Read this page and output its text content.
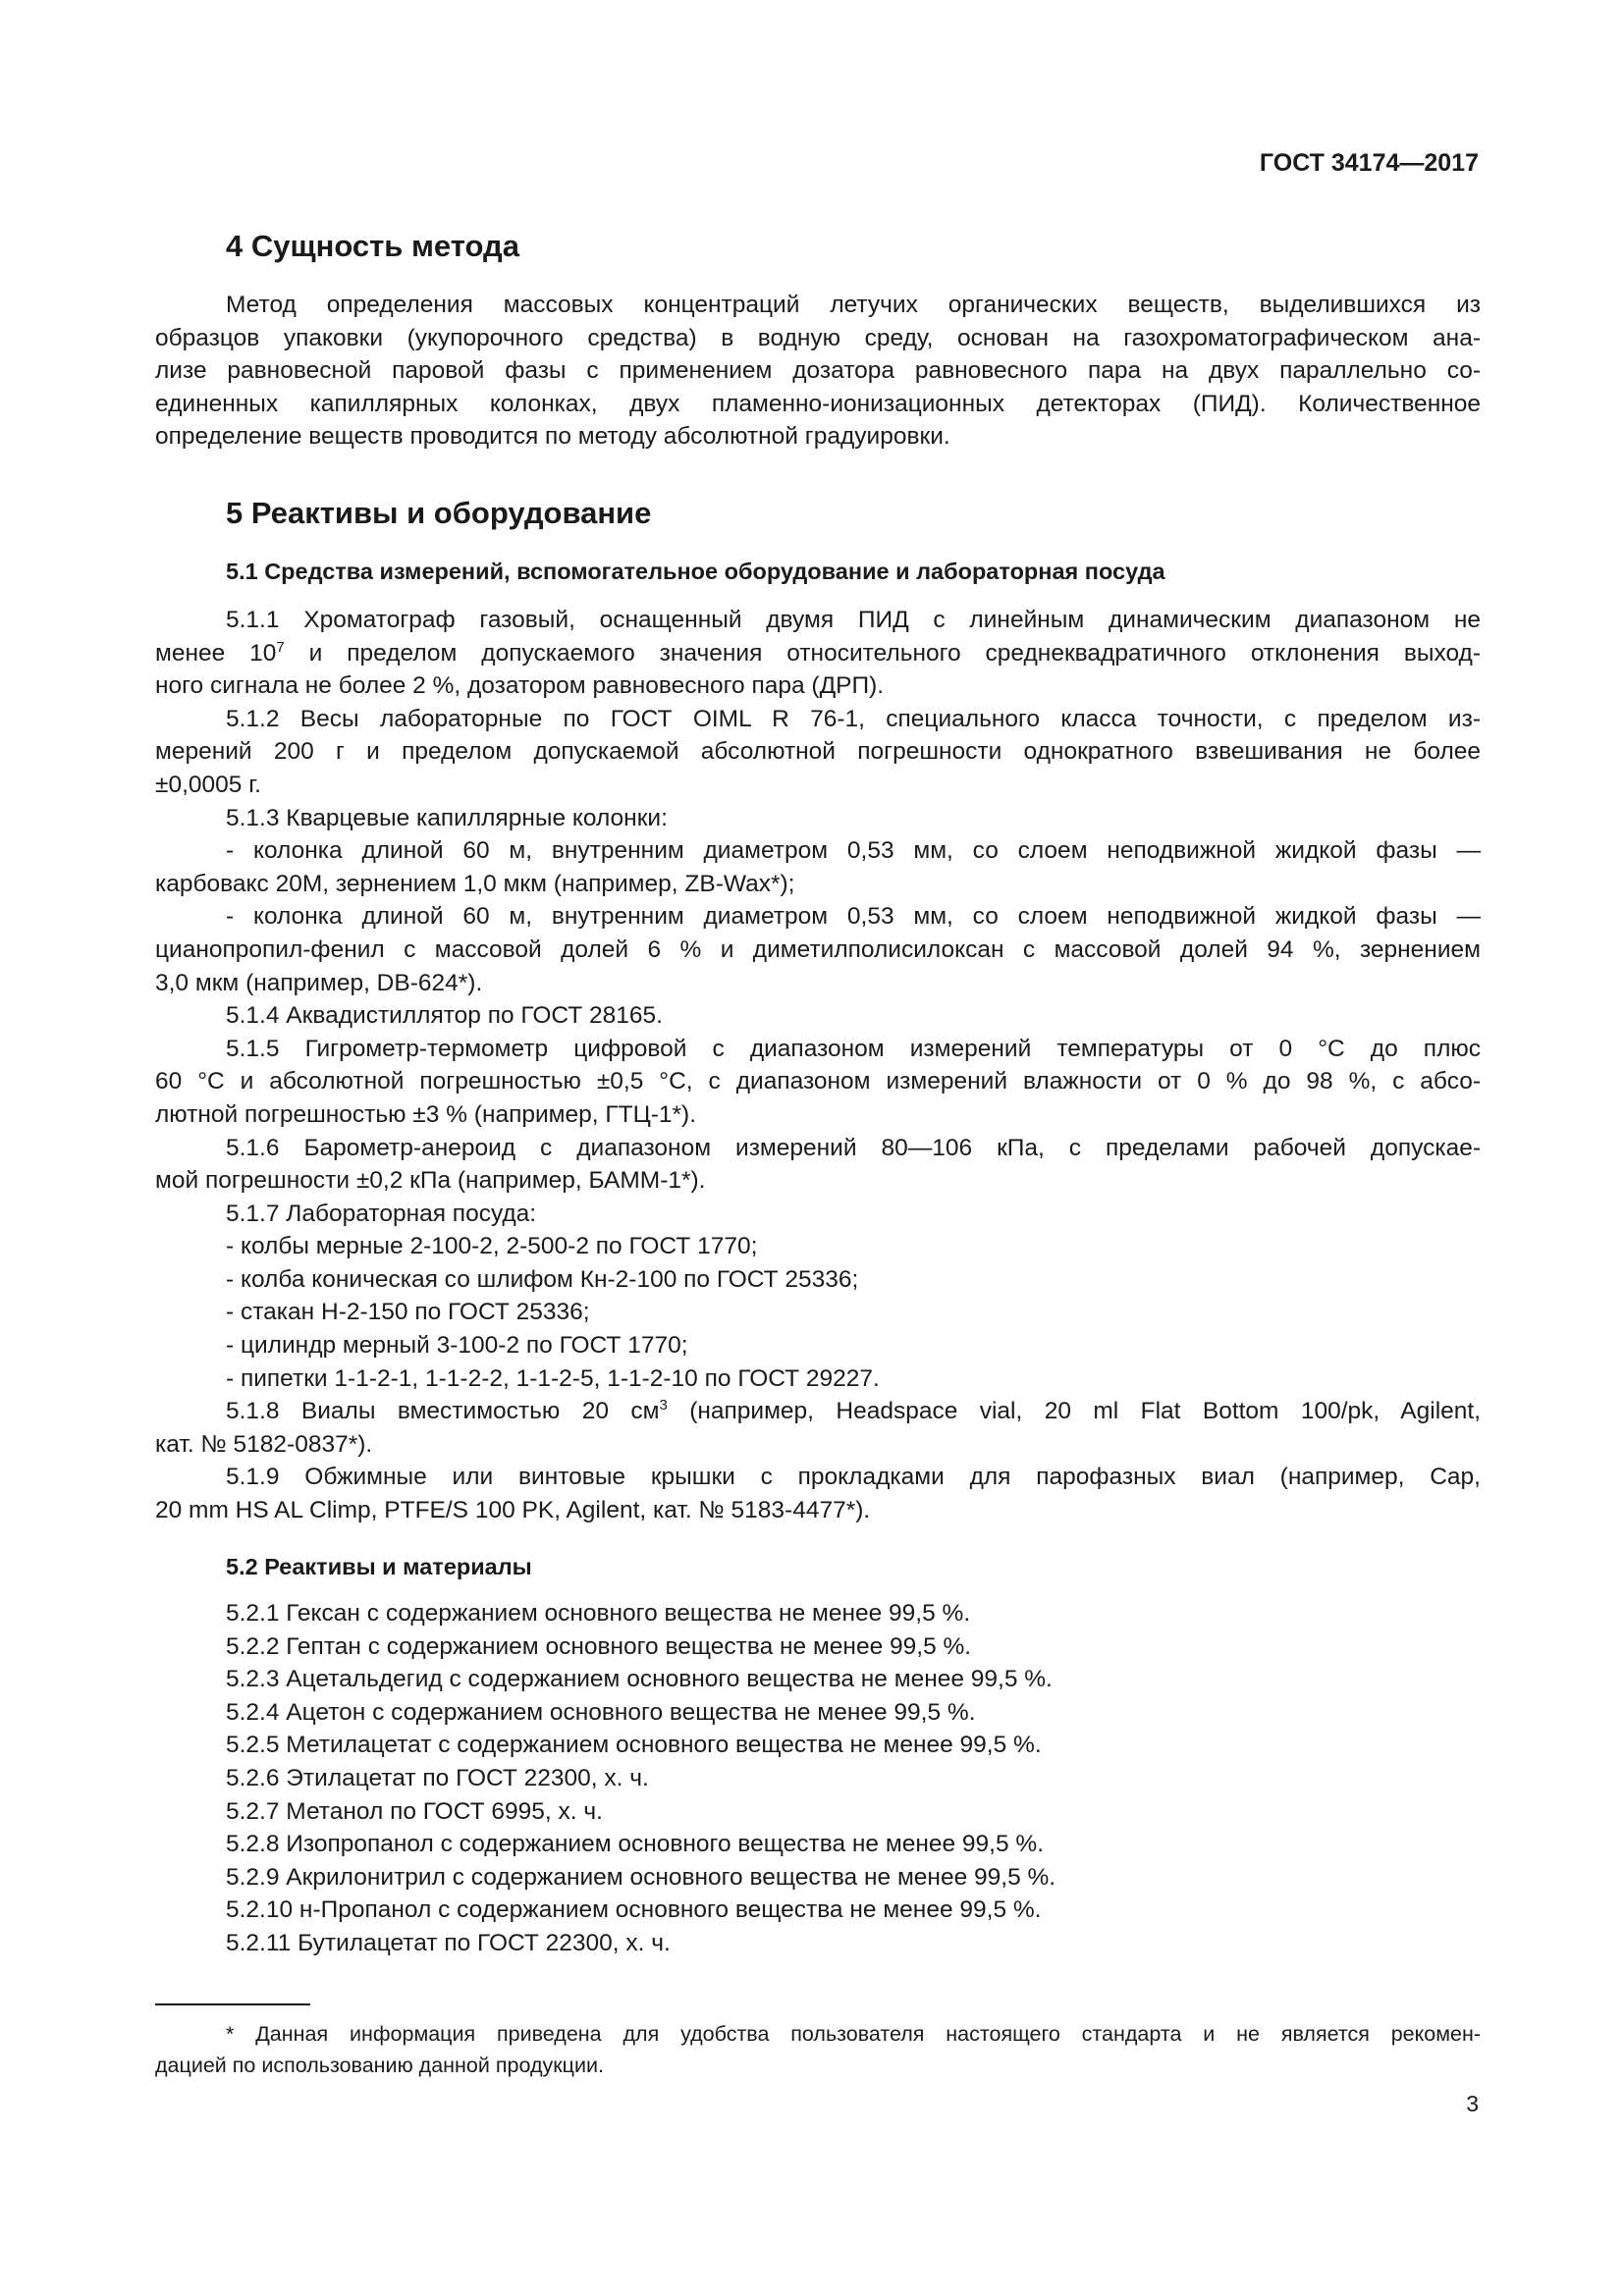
ГОСТ 34174—2017
4 Сущность метода
Метод определения массовых концентраций летучих органических веществ, выделившихся из
образцов упаковки (укупорочного средства) в водную среду, основан на газохроматографическом ана-
лизе равновесной паровой фазы с применением дозатора равновесного пара на двух параллельно со-
единенных капиллярных колонках, двух пламенно-ионизационных детекторах (ПИД). Количественное
определение веществ проводится по методу абсолютной градуировки.
5 Реактивы и оборудование
5.1 Средства измерений, вспомогательное оборудование и лабораторная посуда
5.1.1 Хроматограф газовый, оснащенный двумя ПИД с линейным динамическим диапазоном не
менее $10^7$ и пределом допускаемого значения относительного среднеквадратичного отклонения выход-
ного сигнала не более 2 %, дозатором равновесного пара (ДРП).
5.1.2 Весы лабораторные по ГОСТ OIML R 76-1, специального класса точности, с пределом из-
мерений 200 г и пределом допускаемой абсолютной погрешности однократного взвешивания не более
±0,0005 г.
5.1.3 Кварцевые капиллярные колонки:
- колонка длиной 60 м, внутренним диаметром 0,53 мм, со слоем неподвижной жидкой фазы —
карбовакс 20М, зернением 1,0 мкм (например, ZB-Wax*);
- колонка длиной 60 м, внутренним диаметром 0,53 мм, со слоем неподвижной жидкой фазы —
цианопропил-фенил с массовой долей 6 % и диметилполисилоксан с массовой долей 94 %, зернением
3,0 мкм (например, DB-624*).
5.1.4 Аквадистиллятор по ГОСТ 28165.
5.1.5 Гигрометр-термометр цифровой с диапазоном измерений температуры от 0 °С до плюс
60 °С и абсолютной погрешностью ±0,5 °С, с диапазоном измерений влажности от 0 % до 98 %, с абсо-
лютной погрешностью ±3 % (например, ГТЦ-1*).
5.1.6 Барометр-анероид с диапазоном измерений 80—106 кПа, с пределами рабочей допускае-
мой погрешности ±0,2 кПа (например, БАММ-1*).
5.1.7 Лабораторная посуда:
- колбы мерные 2-100-2, 2-500-2 по ГОСТ 1770;
- колба коническая со шлифом Кн-2-100 по ГОСТ 25336;
- стакан Н-2-150 по ГОСТ 25336;
- цилиндр мерный 3-100-2 по ГОСТ 1770;
- пипетки 1-1-2-1, 1-1-2-2, 1-1-2-5, 1-1-2-10 по ГОСТ 29227.
5.1.8 Виалы вместимостью 20 $см^3$ (например, Headspace vial, 20 ml Flat Bottom 100/pk, Agilent,
кат. № 5182-0837*).
5.1.9 Обжимные или винтовые крышки с прокладками для парофазных виал (например, Cap,
20 mm HS AL Climp, PTFE/S 100 PK, Agilent, кат. № 5183-4477*).
5.2 Реактивы и материалы
5.2.1 Гексан с содержанием основного вещества не менее 99,5 %.
5.2.2 Гептан с содержанием основного вещества не менее 99,5 %.
5.2.3 Ацетальдегид с содержанием основного вещества не менее 99,5 %.
5.2.4 Ацетон с содержанием основного вещества не менее 99,5 %.
5.2.5 Метилацетат с содержанием основного вещества не менее 99,5 %.
5.2.6 Этилацетат по ГОСТ 22300, х. ч.
5.2.7 Метанол по ГОСТ 6995, х. ч.
5.2.8 Изопропанол с содержанием основного вещества не менее 99,5 %.
5.2.9 Акрилонитрил с содержанием основного вещества не менее 99,5 %.
5.2.10 н-Пропанол с содержанием основного вещества не менее 99,5 %.
5.2.11 Бутилацетат по ГОСТ 22300, х. ч.
* Данная информация приведена для удобства пользователя настоящего стандарта и не является рекомен-
дацией по использованию данной продукции.
3
